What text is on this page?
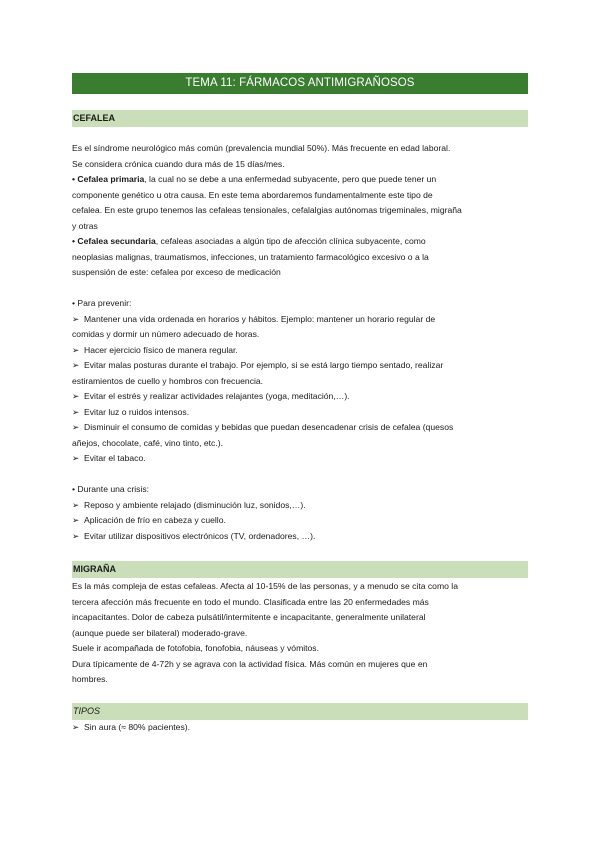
TEMA 11: FÁRMACOS ANTIMIGRAÑOSOS
CEFALEA
Es el síndrome neurológico más común (prevalencia mundial 50%). Más frecuente en edad laboral.
Se considera crónica cuando dura más de 15 días/mes.
• Cefalea primaria, la cual no se debe a una enfermedad subyacente, pero que puede tener un
componente genético u otra causa. En este tema abordaremos fundamentalmente este tipo de
cefalea. En este grupo tenemos las cefaleas tensionales, cefalalgias autónomas trigeminales, migraña
y otras
• Cefalea secundaria, cefaleas asociadas a algún tipo de afección clínica subyacente, como
neoplasias malignas, traumatismos, infecciones, un tratamiento farmacológico excesivo o a la
suspensión de este: cefalea por exceso de medicación
• Para prevenir:
➢ Mantener una vida ordenada en horarios y hábitos. Ejemplo: mantener un horario regular de
comidas y dormir un número adecuado de horas.
➢ Hacer ejercicio físico de manera regular.
➢ Evitar malas posturas durante el trabajo. Por ejemplo, si se está largo tiempo sentado, realizar
estiramientos de cuello y hombros con frecuencia.
➢ Evitar el estrés y realizar actividades relajantes (yoga, meditación,…).
➢ Evitar luz o ruidos intensos.
➢ Disminuir el consumo de comidas y bebidas que puedan desencadenar crisis de cefalea (quesos
añejos, chocolate, café, vino tinto, etc.).
➢ Evitar el tabaco.
• Durante una crisis:
➢ Reposo y ambiente relajado (disminución luz, sonidos,…).
➢ Aplicación de frío en cabeza y cuello.
➢ Evitar utilizar dispositivos electrónicos (TV, ordenadores, …).
MIGRAÑA
Es la más compleja de estas cefaleas. Afecta al 10-15% de las personas, y a menudo se cita como la
tercera afección más frecuente en todo el mundo. Clasificada entre las 20 enfermedades más
incapacitantes. Dolor de cabeza pulsátil/intermitente e incapacitante, generalmente unilateral
(aunque puede ser bilateral) moderado-grave.
Suele ir acompañada de fotofobia, fonofobia, náuseas y vómitos.
Dura típicamente de 4-72h y se agrava con la actividad física. Más común en mujeres que en
hombres.
TIPOS
➢ Sin aura (≈ 80% pacientes).
